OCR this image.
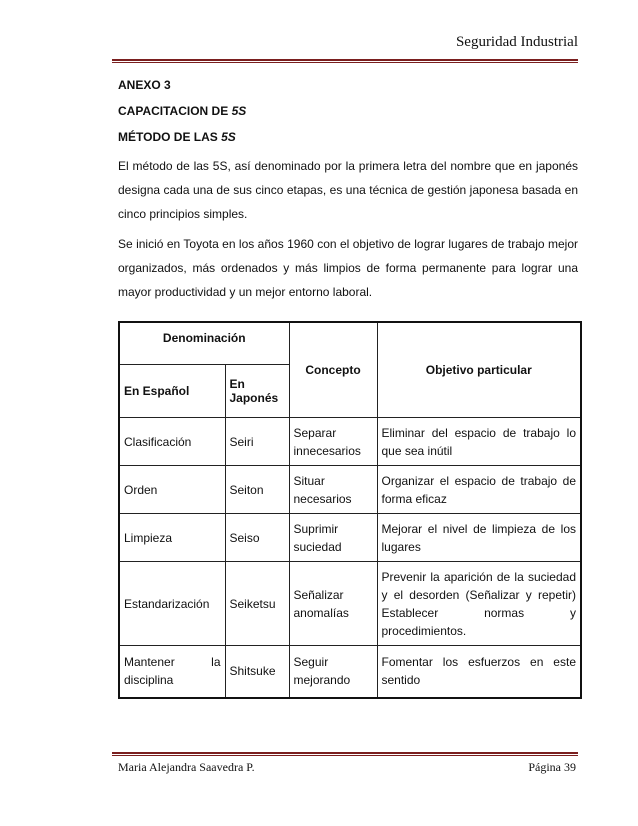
Seguridad Industrial

ANEXO 3

CAPACITACION DE 5S

MÉTODO DE LAS 5S

El método de las 5S, así denominado por la primera letra del nombre que en japonés designa cada una de sus cinco etapas, es una técnica de gestión japonesa basada en cinco principios simples.

Se inició en Toyota en los años 1960 con el objetivo de lograr lugares de trabajo mejor organizados, más ordenados y más limpios de forma permanente para lograr una mayor productividad y un mejor entorno laboral.

Denominación		Concepto	Objetivo particular
En Español	En Japonés		
Clasificación	Seiri	Separar innecesarios	Eliminar del espacio de trabajo lo que sea inútil
Orden	Seiton	Situar necesarios	Organizar el espacio de trabajo de forma eficaz
Limpieza	Seiso	Suprimir suciedad	Mejorar el nivel de limpieza de los lugares
Estandarización	Seiketsu	Señalizar anomalías	Prevenir la aparición de la suciedad y el desorden (Señalizar y repetir) Establecer normas y procedimientos.
Mantener la disciplina	Shitsuke	Seguir mejorando	Fomentar los esfuerzos en este sentido
Maria Alejandra Saavedra P.	Página 39
